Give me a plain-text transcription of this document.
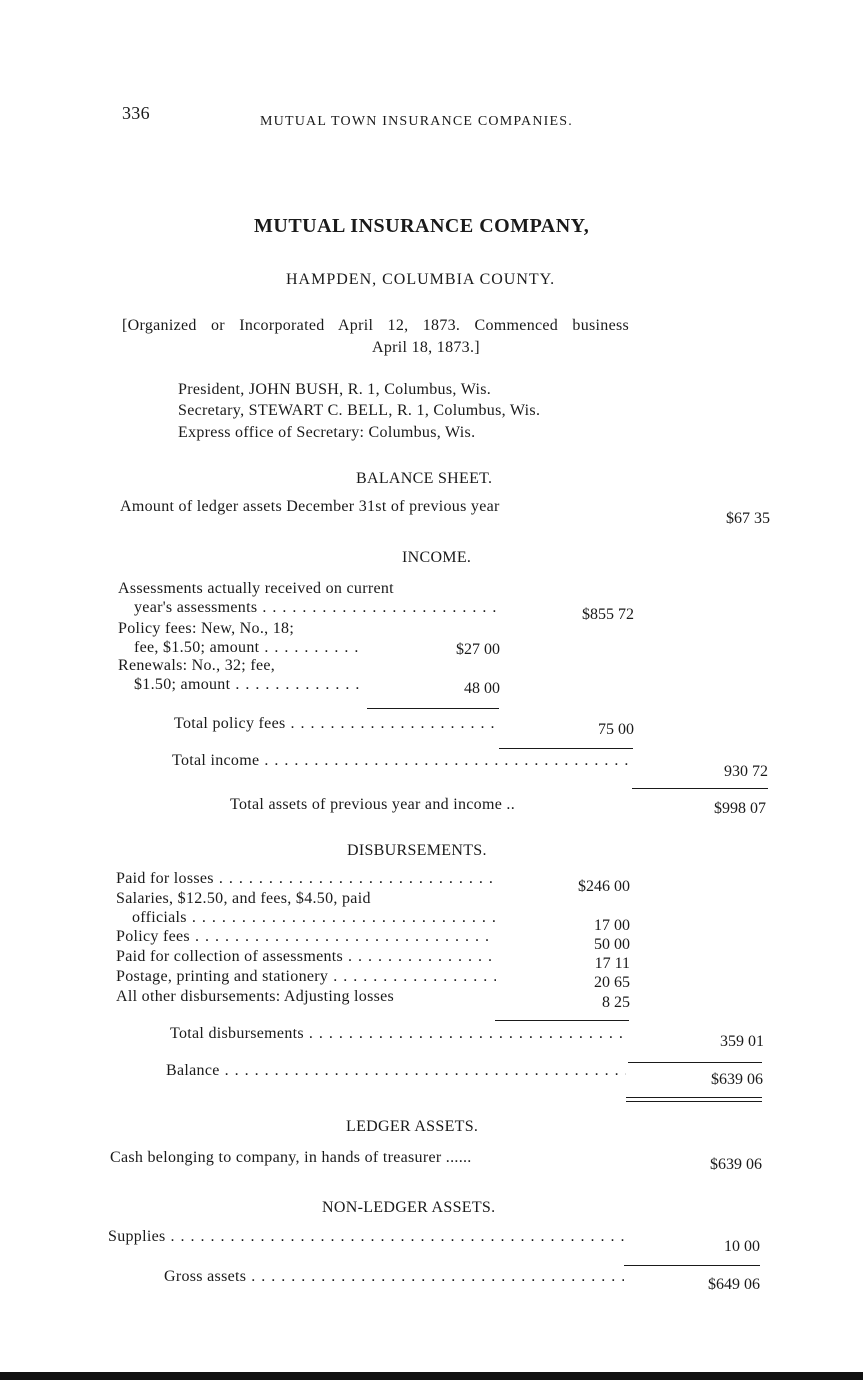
336	MUTUAL TOWN INSURANCE COMPANIES.
MUTUAL INSURANCE COMPANY,
HAMPDEN, COLUMBIA COUNTY.
[Organized or Incorporated April 12, 1873. Commenced business
April 18, 1873.]
President, JOHN BUSH, R. 1, Columbus, Wis.
Secretary, STEWART C. BELL, R. 1, Columbus, Wis.
Express office of Secretary: Columbus, Wis.
BALANCE SHEET.
Amount of ledger assets December 31st of previous year
$67 35
INCOME.
Assessments actually received on current
year's assessments . . .	$855 72
Policy fees: New, No., 18;
fee, $1.50; amount . . .	$27 00
Renewals: No., 32; fee,
$1.50; amount . . .	48 00
Total policy fees . . .	75 00
Total income . . .
930 72
Total assets of previous year and income ..	$998 07
DISBURSEMENTS.
Paid for losses . . .	$246 00
Salaries, $12.50, and fees, $4.50, paid
officials . . .	17 00
Policy fees . . .	50 00
Paid for collection of assessments . . .	17 11
Postage, printing and stationery . . .	20 65
All other disbursements: Adjusting losses	8 25
Total disbursements . . .	359 01
Balance . . .
$639 06
LEDGER ASSETS.
Cash belonging to company, in hands of treasurer ......	$639 06
NON-LEDGER ASSETS.
Supplies . . .
10 00
Gross assets . . .	$649 06
